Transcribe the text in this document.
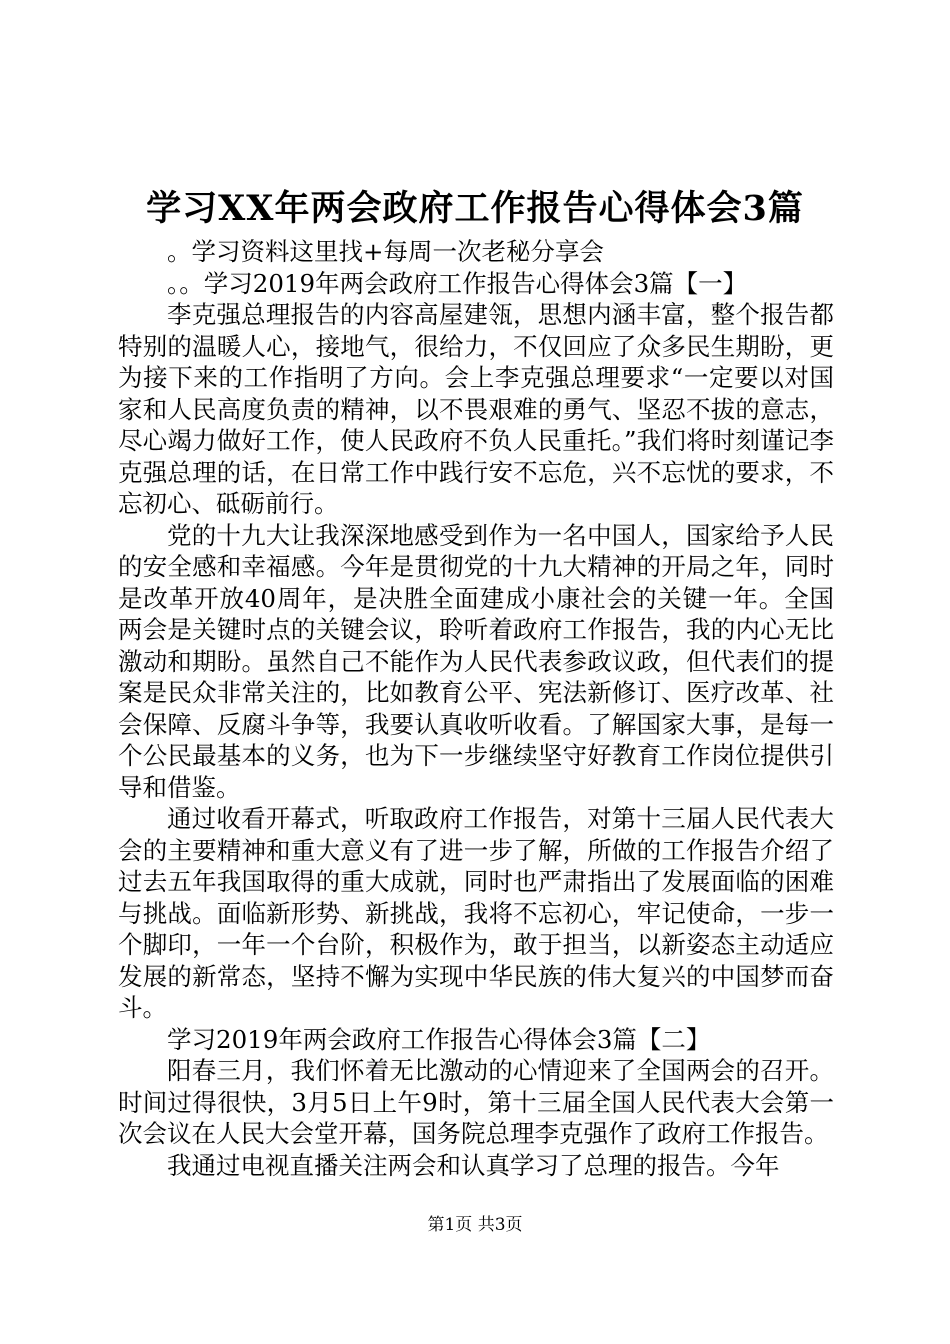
学习XX年两会政府工作报告心得体会3篇

。学习资料这里找+每周一次老秘分享会

。。学习2019年两会政府工作报告心得体会3篇【一】

李克强总理报告的内容高屋建瓴，思想内涵丰富，整个报告都特别的温暖人心，接地气，很给力，不仅回应了众多民生期盼，更为接下来的工作指明了方向。会上李克强总理要求“一定要以对国家和人民高度负责的精神，以不畏艰难的勇气、坚忍不拔的意志，尽心竭力做好工作，使人民政府不负人民重托。”我们将时刻谨记李克强总理的话，在日常工作中践行安不忘危，兴不忘忧的要求，不忘初心、砥砺前行。

党的十九大让我深深地感受到作为一名中国人，国家给予人民的安全感和幸福感。今年是贯彻党的十九大精神的开局之年，同时是改革开放40周年，是决胜全面建成小康社会的关键一年。全国两会是关键时点的关键会议，聆听着政府工作报告，我的内心无比激动和期盼。虽然自己不能作为人民代表参政议政，但代表们的提案是民众非常关注的，比如教育公平、宪法新修订、医疗改革、社会保障、反腐斗争等，我要认真收听收看。了解国家大事，是每一个公民最基本的义务，也为下一步继续坚守好教育工作岗位提供引导和借鉴。

通过收看开幕式，听取政府工作报告，对第十三届人民代表大会的主要精神和重大意义有了进一步了解，所做的工作报告介绍了过去五年我国取得的重大成就，同时也严肃指出了发展面临的困难与挑战。面临新形势、新挑战，我将不忘初心，牢记使命，一步一个脚印，一年一个台阶，积极作为，敢于担当，以新姿态主动适应发展的新常态，坚持不懈为实现中华民族的伟大复兴的中国梦而奋斗。

学习2019年两会政府工作报告心得体会3篇【二】

阳春三月，我们怀着无比激动的心情迎来了全国两会的召开。时间过得很快，3月5日上午9时，第十三届全国人民代表大会第一次会议在人民大会堂开幕，国务院总理李克强作了政府工作报告。

我通过电视直播关注两会和认真学习了总理的报告。今年

第1页 共3页
